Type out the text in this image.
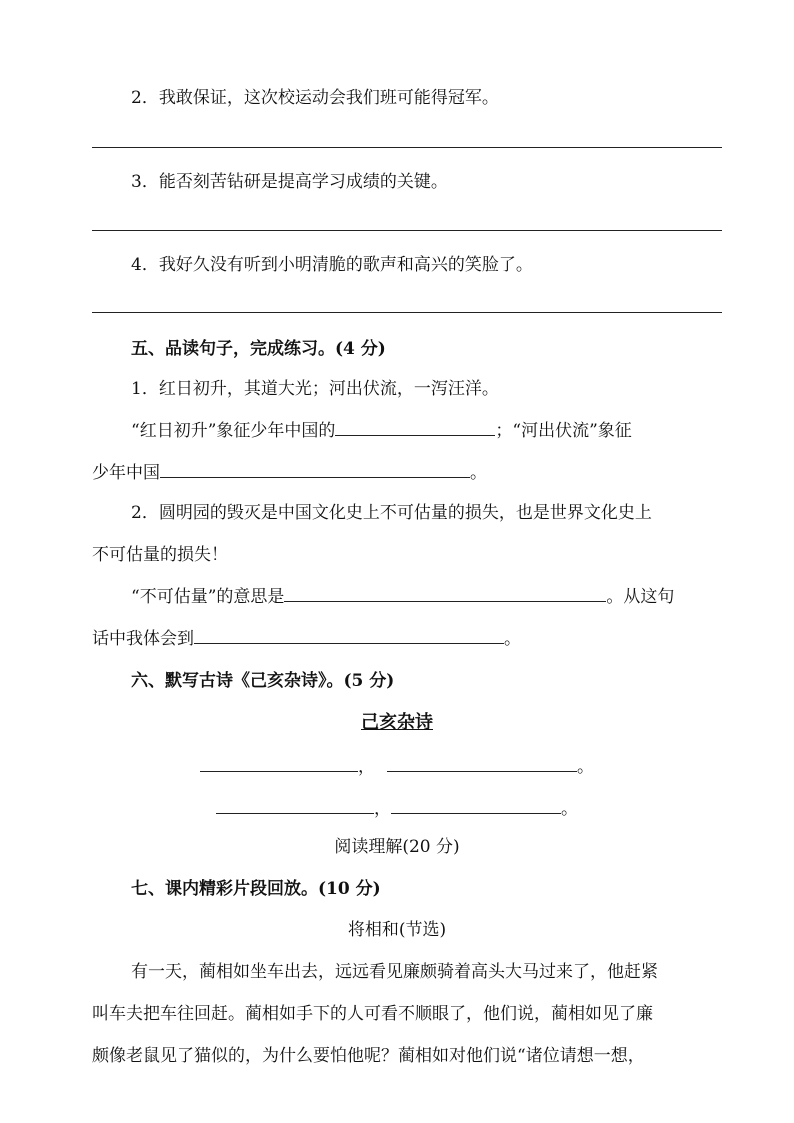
2．我敢保证，这次校运动会我们班可能得冠军。
3．能否刻苦钻研是提高学习成绩的关键。
4．我好久没有听到小明清脆的歌声和高兴的笑脸了。
五、品读句子，完成练习。(4 分)
1．红日初升，其道大光；河出伏流，一泻汪洋。
“红日初升”象征少年中国的	；“河出伏流”象征
少年中国	。
2．圆明园的毁灭是中国文化史上不可估量的损失，也是世界文化史上
不可估量的损失！
“不可估量”的意思是	。从这句
话中我体会到	。
六、默写古诗《己亥杂诗》。(5 分)
己亥杂诗
，	。
，	。
阅读理解(20 分)
七、课内精彩片段回放。(10 分)
将相和(节选)
有一天，蔺相如坐车出去，远远看见廉颇骑着高头大马过来了，他赶紧
叫车夫把车往回赶。蔺相如手下的人可看不顺眼了，他们说，蔺相如见了廉
颇像老鼠见了猫似的，为什么要怕他呢？蔺相如对他们说“诸位请想一想，
